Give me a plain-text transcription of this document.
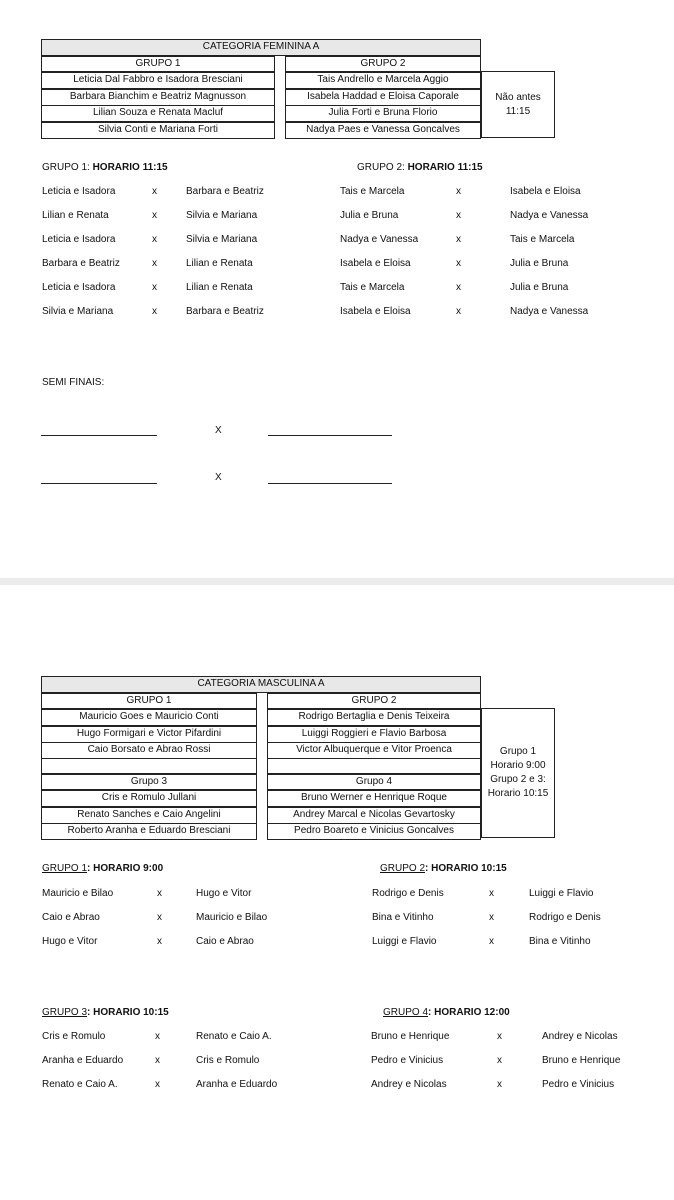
CATEGORIA FEMININA A
GRUPO 1	GRUPO 2
Leticia Dal Fabbro e Isadora Bresciani	Tais Andrello e Marcela Aggio
Barbara Bianchim e Beatriz Magnusson	Isabela Haddad e Eloisa Caporale
Lilian Souza e Renata Macluf	Julia Forti e Bruna Florio
Silvia Conti e Mariana Forti	Nadya Paes e Vanessa Goncalves
Não antes
11:15
GRUPO 1: HORARIO 11:15	GRUPO 2: HORARIO 11:15
Leticia e Isadora	x	Barbara e Beatriz
Lilian e Renata	x	Silvia e Mariana
Leticia e Isadora	x	Silvia e Mariana
Barbara e Beatriz	x	Lilian e Renata
Leticia e Isadora	x	Lilian e Renata
Silvia e Mariana	x	Barbara e Beatriz
Tais e Marcela	x	Isabela e Eloisa
Julia e Bruna	x	Nadya e Vanessa
Nadya e Vanessa	x	Tais e Marcela
Isabela e Eloisa	x	Julia e Bruna
Tais e Marcela	x	Julia e Bruna
Isabela e Eloisa	x	Nadya e Vanessa
SEMI FINAIS:
X
X
CATEGORIA MASCULINA A
GRUPO 1	GRUPO 2
Mauricio Goes e Mauricio Conti	Rodrigo Bertaglia e Denis Teixeira
Hugo Formigari e Victor Pifardini	Luiggi Roggieri e Flavio Barbosa
Caio Borsato e Abrao Rossi	Victor Albuquerque e Vitor Proenca
Grupo 3	Grupo 4
Cris e Romulo Jullani	Bruno Werner e Henrique Roque
Renato Sanches e Caio Angelini	Andrey Marcal e Nicolas Gevartosky
Roberto Aranha e Eduardo Bresciani	Pedro Boareto e Vinicius Goncalves
Grupo 1
Horario 9:00
Grupo 2 e 3:
Horario 10:15
GRUPO 1: HORARIO 9:00	GRUPO 2: HORARIO 10:15
GRUPO 3: HORARIO 10:15	GRUPO 4: HORARIO 12:00
Mauricio e Bilao	x	Hugo e Vitor
Caio e Abrao	x	Mauricio e Bilao
Hugo e Vitor	x	Caio e Abrao
Rodrigo e Denis	x	Luiggi e Flavio
Bina e Vitinho	x	Rodrigo e Denis
Luiggi e Flavio	x	Bina e Vitinho
Cris e Romulo	x	Renato e Caio A.
Aranha e Eduardo	x	Cris e Romulo
Renato e Caio A.	x	Aranha e Eduardo
Bruno e Henrique	x	Andrey e Nicolas
Pedro e Vinicius	x	Bruno e Henrique
Andrey e Nicolas	x	Pedro e Vinicius
